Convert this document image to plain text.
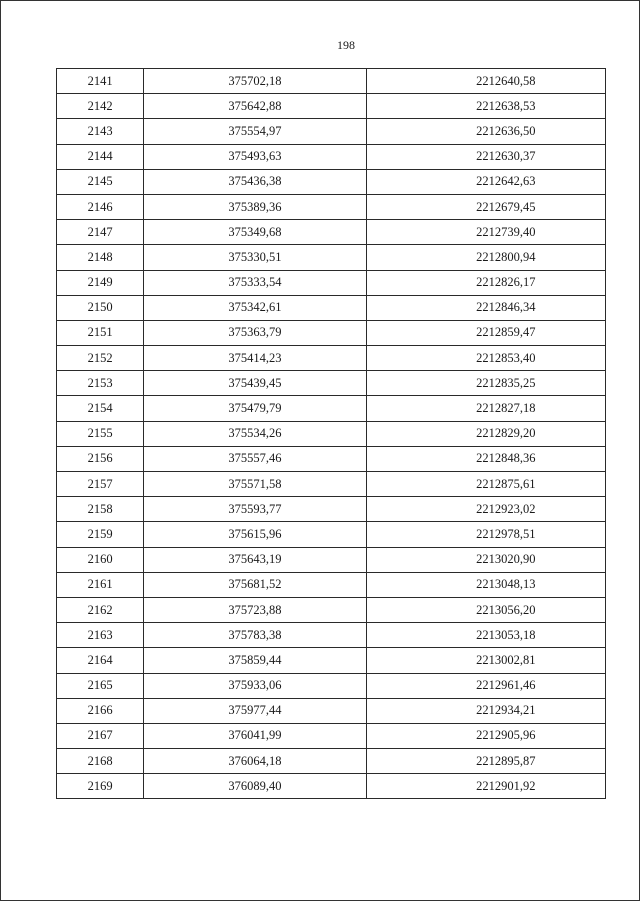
198
2141	375702,18	2212640,58
2142	375642,88	2212638,53
2143	375554,97	2212636,50
2144	375493,63	2212630,37
2145	375436,38	2212642,63
2146	375389,36	2212679,45
2147	375349,68	2212739,40
2148	375330,51	2212800,94
2149	375333,54	2212826,17
2150	375342,61	2212846,34
2151	375363,79	2212859,47
2152	375414,23	2212853,40
2153	375439,45	2212835,25
2154	375479,79	2212827,18
2155	375534,26	2212829,20
2156	375557,46	2212848,36
2157	375571,58	2212875,61
2158	375593,77	2212923,02
2159	375615,96	2212978,51
2160	375643,19	2213020,90
2161	375681,52	2213048,13
2162	375723,88	2213056,20
2163	375783,38	2213053,18
2164	375859,44	2213002,81
2165	375933,06	2212961,46
2166	375977,44	2212934,21
2167	376041,99	2212905,96
2168	376064,18	2212895,87
2169	376089,40	2212901,92
